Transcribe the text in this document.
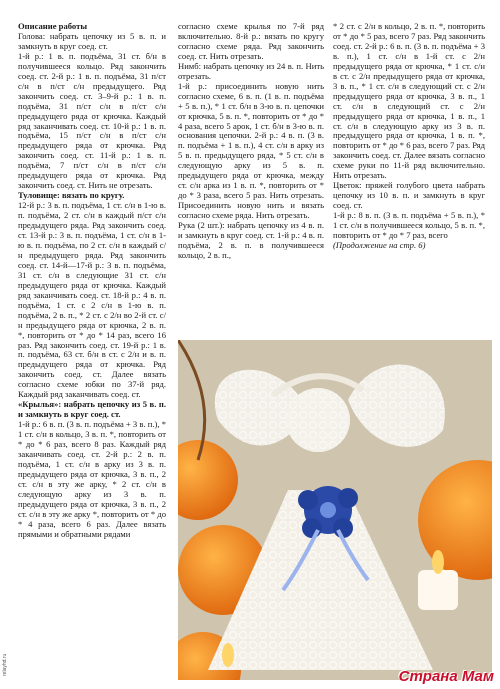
Описание работы

Голова: набрать цепочку из 5 в. п. и замкнуть в круг соед. ст.

1-й р.: 1 в. п. подъёма, 31 ст. б/н в получившееся кольцо. Ряд закончить соед. ст. 2-й р.: 1 в. п. подъёма, 31 п/ст с/н в п/ст с/н предыдущего. Ряд закончить соед. ст. 3–9-й р.: 1 в. п. подъёма, 31 п/ст с/н в п/ст с/н предыдущего ряда от крючка. Каждый ряд заканчивать соед. ст. 10-й р.: 1 в. п. подъёма, 15 п/ст с/н в п/ст с/н предыдущего ряда от крючка. Ряд закончить соед. ст. 11-й р.: 1 в. п. подъёма, 7 п/ст с/н в п/ст с/н предыдущего ряда от крючка. Ряд закончить соед. ст. Нить не отрезать.

Туловище: вязать по кругу.

12-й р.: 3 в. п. подъёма, 1 ст. с/н в 1-ю в. п. подъёма, 2 ст. с/н в каждый п/ст с/н предыдущего ряда. Ряд закончить соед. ст. 13-й р.: 3 в. п. подъёма, 1 ст. с/н в 1-ю в. п. подъёма, по 2 ст. с/н в каждый с/н предыдущего ряда. Ряд закончить соед. ст. 14-й—17-й р.: 3 в. п. подъёма, 31 ст. с/н в следующие 31 ст. с/н предыдущего ряда от крючка. Каждый ряд заканчивать соед. ст. 18-й р.: 4 в. п. подъёма, 1 ст. с 2 с/н в 1-ю в. п. подъёма, 2 в. п., * 2 ст. с 2/н во 2-й ст. с/н предыдущего ряда от крючка, 2 в. п. *, повторить от * до * 14 раз, всего 16 раз. Ряд закончить соед. ст. 19-й р.: 1 в. п. подъёма, 63 ст. б/н в ст. с 2/н и в. п. предыдущего ряда от крючка. Ряд закончить соед. ст. Далее вязать согласно схеме юбки по 37-й ряд. Каждый ряд заканчивать соед. ст.

«Крылья»: набрать цепочку из 5 в. п. и замкнуть в круг соед. ст.

1-й р.: 6 в. п. (3 в. п. подъёма + 3 в. п.), * 1 ст. с/н в кольцо, 3 в. п. *, повторить от * до * 6 раз, всего 8 раз. Каждый ряд заканчивать соед. ст. 2-й р.: 2 в. п. подъёма, 1 ст. с/н в арку из 3 в. п. предыдущего ряда от крючка, 3 в. п., 2 ст. с/н в эту же арку, * 2 ст. с/н в следующую арку из 3 в. п. предыдущего ряда от крючка, 3 в. п., 2 ст. с/н в эту же арку *, повторить от * до * 4 раза, всего 6 раз. Далее вязать прямыми и обратными рядами

согласно схеме крылья по 7-й ряд включительно. 8-й р.: вязать по кругу согласно схеме ряда. Ряд закончить соед. ст. Нить отрезать.

Нимб: набрать цепочку из 24 в. п. Нить отрезать.

1-й р.: присоединить новую нить согласно схеме, 6 в. п. (1 в. п. подъёма + 5 в. п.), * 1 ст. б/н в 3-ю в. п. цепочки от крючка, 5 в. п. *, повторить от * до * 4 раза, всего 5 арок, 1 ст. б/н в 3-ю в. п. основания цепочки. 2-й р.: 4 в. п. (3 в. п. подъёма + 1 в. п.), 4 ст. с/н в арку из 5 в. п. предыдущего ряда, * 5 ст. с/н в следующую арку из 5 в. п. предыдущего ряда от крючка, между ст. с/н арка из 1 в. п. *, повторить от * до * 3 раза, всего 5 раз. Нить отрезать. Присоединить новую нить и вязать согласно схеме ряда. Нить отрезать.

Рука (2 шт.): набрать цепочку из 4 в. п. и замкнуть в круг соед. ст. 1-й р.: 4 в. п. подъёма, 2 в. п. в получившееся кольцо, 2 в. п.,

* 2 ст. с 2/н в кольцо, 2 в. п. *, повторить от * до * 5 раз, всего 7 раз. Ряд закончить соед. ст. 2-й р.: 6 в. п. (3 в. п. подъёма + 3 в. п.), 1 ст. с/н в 1-й ст. с 2/н предыдущего ряда от крючка, * 1 ст. с/н в ст. с 2/н предыдущего ряда от крючка, 3 в. п., * 1 ст. с/н в следующий ст. с 2/н предыдущего ряда от крючка, 3 в. п., 1 ст. с/н в следующий ст. с 2/н предыдущего ряда от крючка, 1 в. п., 1 ст. с/н в следующую арку из 3 в. п. предыдущего ряда от крючка, 1 в. п. *, повторить от * до * 6 раз, всего 7 раз. Ряд закончить соед. ст. Далее вязать согласно схеме руки по 11-й ряд включительно. Нить отрезать.

Цветок: пряжей голубого цвета набрать цепочку из 10 в. п. и замкнуть в круг соед. ст.

1-й р.: 8 в. п. (3 в. п. подъёма + 5 в. п.), * 1 ст. с/н в получившееся кольцо, 5 в. п. *, повторить от * до * 7 раз, всего

(Продолжение на стр. 6)

relayhd.ru
Страна Мам
